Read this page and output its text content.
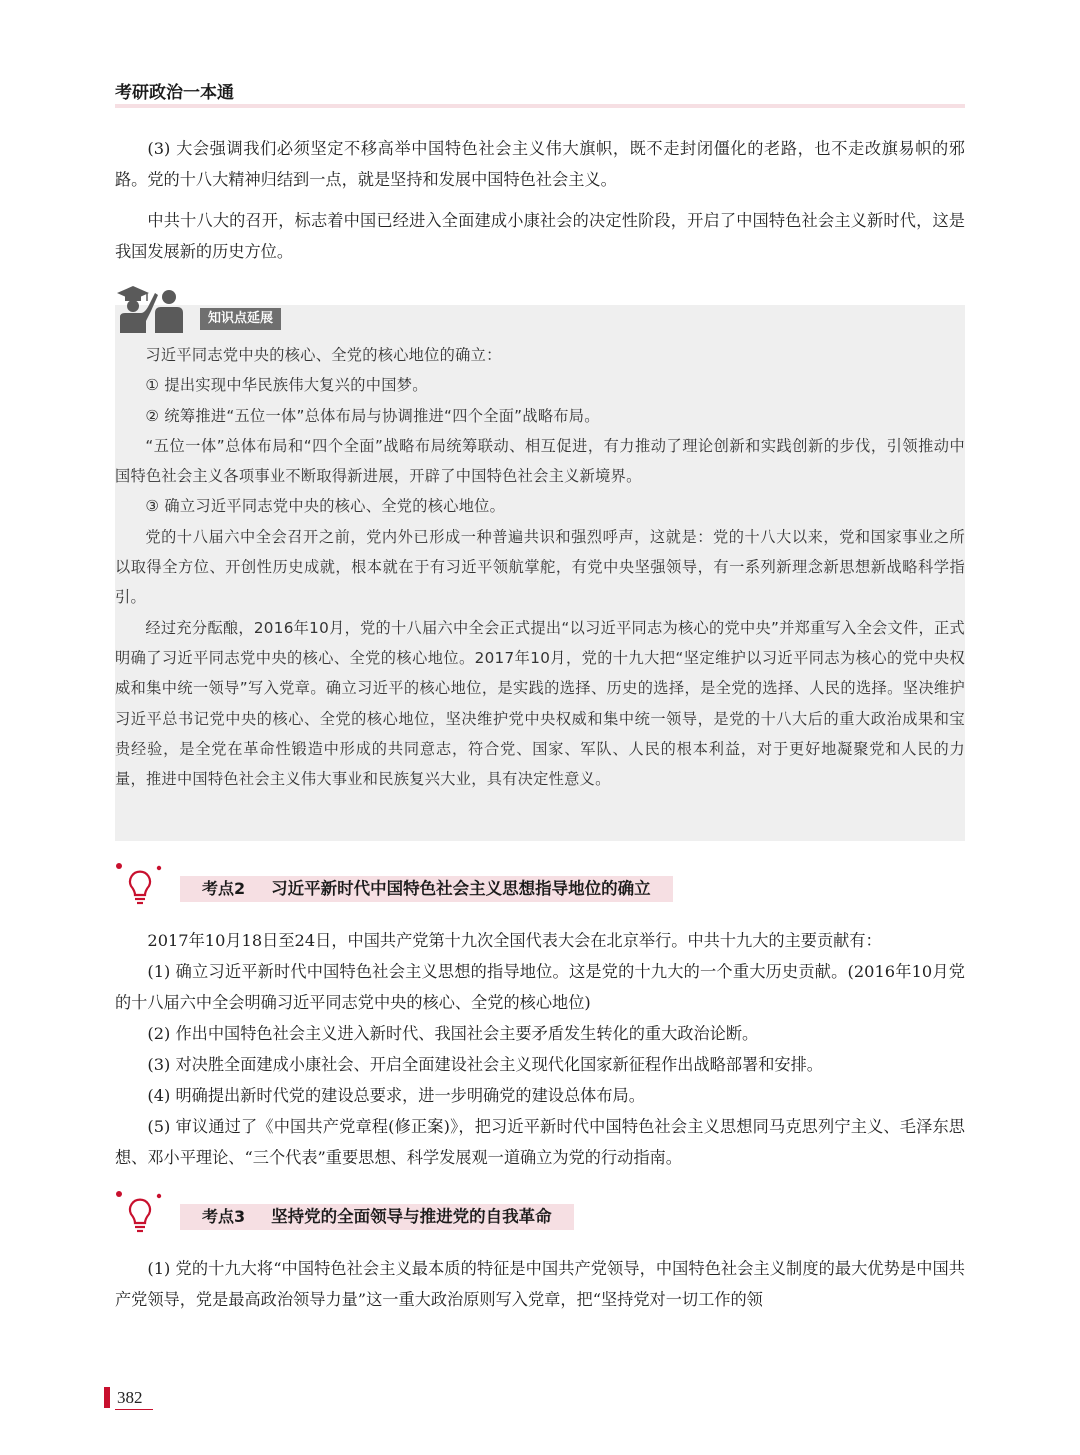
考研政治一本通

(3) 大会强调我们必须坚定不移高举中国特色社会主义伟大旗帜，既不走封闭僵化的老路，也不走改旗易帜的邪路。党的十八大精神归结到一点，就是坚持和发展中国特色社会主义。

中共十八大的召开，标志着中国已经进入全面建成小康社会的决定性阶段，开启了中国特色社会主义新时代，这是我国发展新的历史方位。

知识点延展

习近平同志党中央的核心、全党的核心地位的确立：

① 提出实现中华民族伟大复兴的中国梦。

② 统筹推进“五位一体”总体布局与协调推进“四个全面”战略布局。

“五位一体”总体布局和“四个全面”战略布局统筹联动、相互促进，有力推动了理论创新和实践创新的步伐，引领推动中国特色社会主义各项事业不断取得新进展，开辟了中国特色社会主义新境界。

③ 确立习近平同志党中央的核心、全党的核心地位。

党的十八届六中全会召开之前，党内外已形成一种普遍共识和强烈呼声，这就是：党的十八大以来，党和国家事业之所以取得全方位、开创性历史成就，根本就在于有习近平领航掌舵，有党中央坚强领导，有一系列新理念新思想新战略科学指引。

经过充分酝酿，2016年10月，党的十八届六中全会正式提出“以习近平同志为核心的党中央”并郑重写入全会文件，正式明确了习近平同志党中央的核心、全党的核心地位。2017年10月，党的十九大把“坚定维护以习近平同志为核心的党中央权威和集中统一领导”写入党章。确立习近平的核心地位，是实践的选择、历史的选择，是全党的选择、人民的选择。坚决维护习近平总书记党中央的核心、全党的核心地位，坚决维护党中央权威和集中统一领导，是党的十八大后的重大政治成果和宝贵经验，是全党在革命性锻造中形成的共同意志，符合党、国家、军队、人民的根本利益，对于更好地凝聚党和人民的力量，推进中国特色社会主义伟大事业和民族复兴大业，具有决定性意义。

考点2 习近平新时代中国特色社会主义思想指导地位的确立

2017年10月18日至24日，中国共产党第十九次全国代表大会在北京举行。中共十九大的主要贡献有：

(1) 确立习近平新时代中国特色社会主义思想的指导地位。这是党的十九大的一个重大历史贡献。(2016年10月党的十八届六中全会明确习近平同志党中央的核心、全党的核心地位)

(2) 作出中国特色社会主义进入新时代、我国社会主要矛盾发生转化的重大政治论断。

(3) 对决胜全面建成小康社会、开启全面建设社会主义现代化国家新征程作出战略部署和安排。

(4) 明确提出新时代党的建设总要求，进一步明确党的建设总体布局。

(5) 审议通过了《中国共产党章程(修正案)》，把习近平新时代中国特色社会主义思想同马克思列宁主义、毛泽东思想、邓小平理论、“三个代表”重要思想、科学发展观一道确立为党的行动指南。

考点3 坚持党的全面领导与推进党的自我革命

(1) 党的十九大将“中国特色社会主义最本质的特征是中国共产党领导，中国特色社会主义制度的最大优势是中国共产党领导，党是最高政治领导力量”这一重大政治原则写入党章，把“坚持党对一切工作的领

382
